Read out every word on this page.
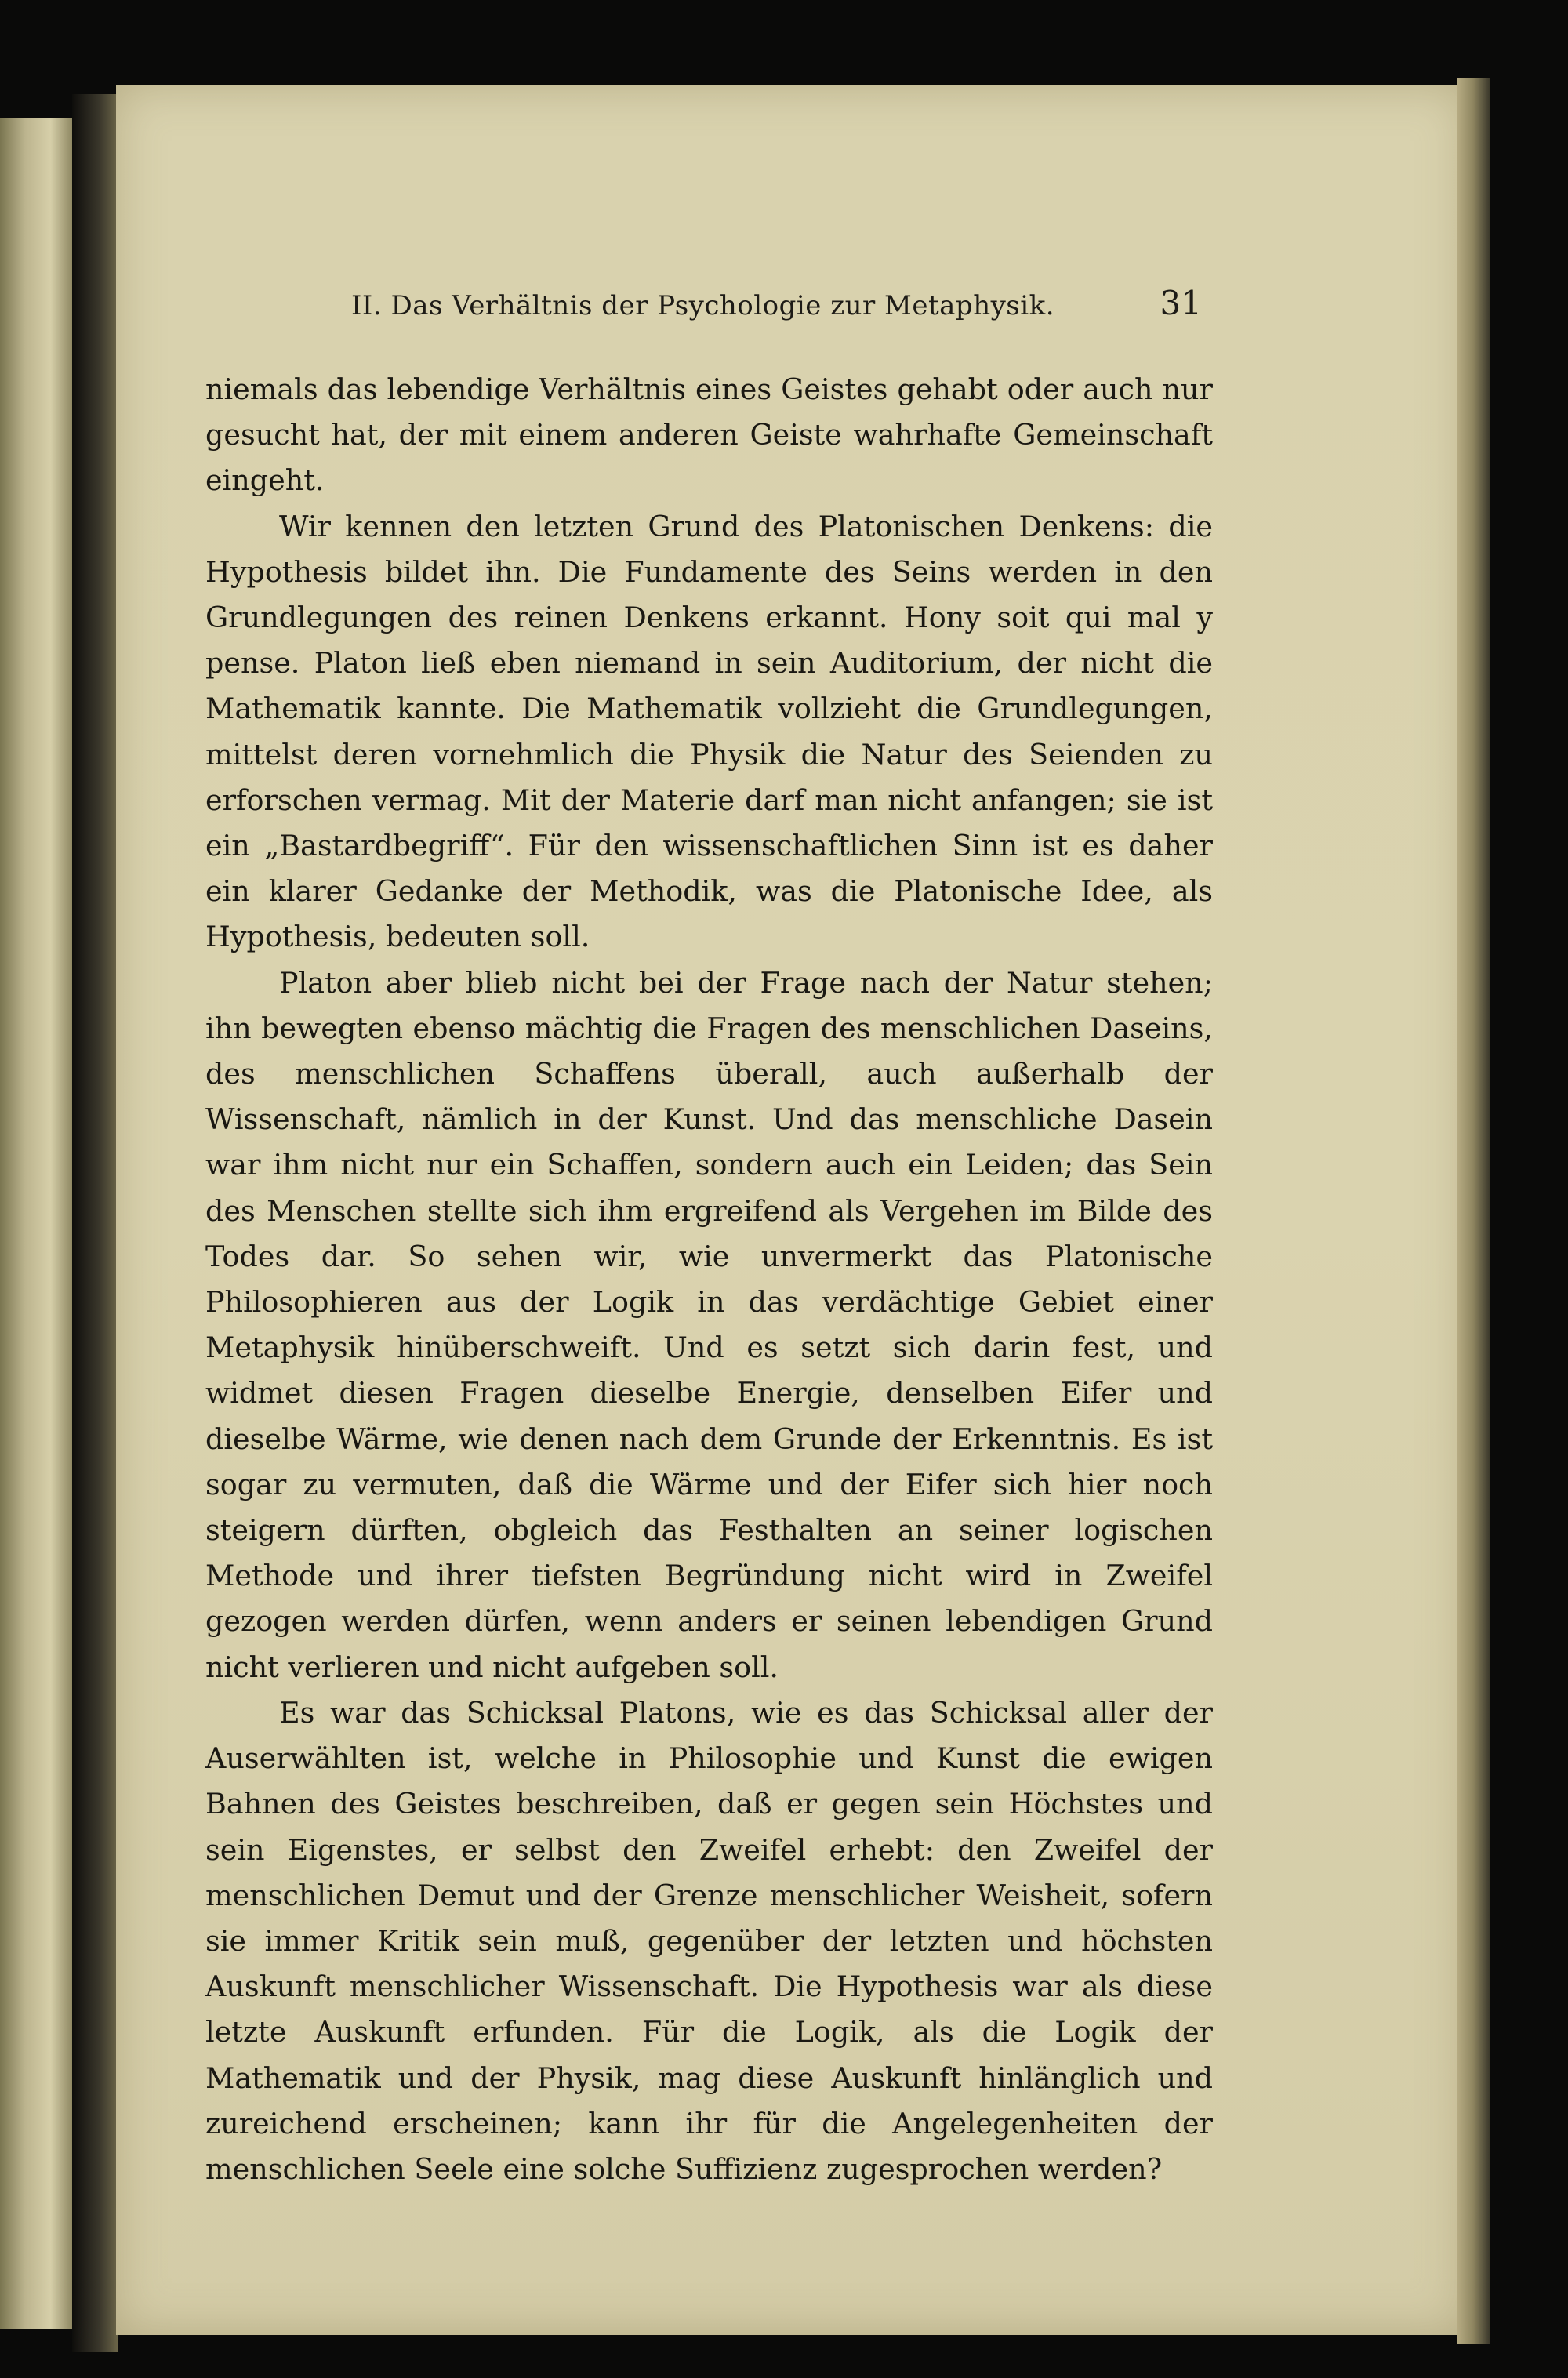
II. Das Verhältnis der Psychologie zur Metaphysik.	31

niemals das lebendige Verhältnis eines Geistes gehabt oder auch nur gesucht hat, der mit einem anderen Geiste wahrhafte Gemeinschaft eingeht.

Wir kennen den letzten Grund des Platonischen Denkens: die Hypothesis bildet ihn. Die Fundamente des Seins werden in den Grundlegungen des reinen Denkens erkannt. Hony soit qui mal y pense. Platon ließ eben niemand in sein Auditorium, der nicht die Mathematik kannte. Die Mathematik vollzieht die Grundlegungen, mittelst deren vornehmlich die Physik die Natur des Seienden zu erforschen vermag. Mit der Materie darf man nicht anfangen; sie ist ein „Bastardbegriff“. Für den wissenschaftlichen Sinn ist es daher ein klarer Gedanke der Methodik, was die Platonische Idee, als Hypothesis, bedeuten soll.

Platon aber blieb nicht bei der Frage nach der Natur stehen; ihn bewegten ebenso mächtig die Fragen des menschlichen Daseins, des menschlichen Schaffens überall, auch außerhalb der Wissenschaft, nämlich in der Kunst. Und das menschliche Dasein war ihm nicht nur ein Schaffen, sondern auch ein Leiden; das Sein des Menschen stellte sich ihm ergreifend als Vergehen im Bilde des Todes dar. So sehen wir, wie unvermerkt das Platonische Philosophieren aus der Logik in das verdächtige Gebiet einer Metaphysik hinüberschweift. Und es setzt sich darin fest, und widmet diesen Fragen dieselbe Energie, denselben Eifer und dieselbe Wärme, wie denen nach dem Grunde der Erkenntnis. Es ist sogar zu vermuten, daß die Wärme und der Eifer sich hier noch steigern dürften, obgleich das Festhalten an seiner logischen Methode und ihrer tiefsten Begründung nicht wird in Zweifel gezogen werden dürfen, wenn anders er seinen lebendigen Grund nicht verlieren und nicht aufgeben soll.

Es war das Schicksal Platons, wie es das Schicksal aller der Auserwählten ist, welche in Philosophie und Kunst die ewigen Bahnen des Geistes beschreiben, daß er gegen sein Höchstes und sein Eigenstes, er selbst den Zweifel erhebt: den Zweifel der menschlichen Demut und der Grenze menschlicher Weisheit, sofern sie immer Kritik sein muß, gegenüber der letzten und höchsten Auskunft menschlicher Wissenschaft. Die Hypothesis war als diese letzte Auskunft erfunden. Für die Logik, als die Logik der Mathematik und der Physik, mag diese Auskunft hinlänglich und zureichend erscheinen; kann ihr für die Angelegenheiten der menschlichen Seele eine solche Suffizienz zugesprochen werden?
